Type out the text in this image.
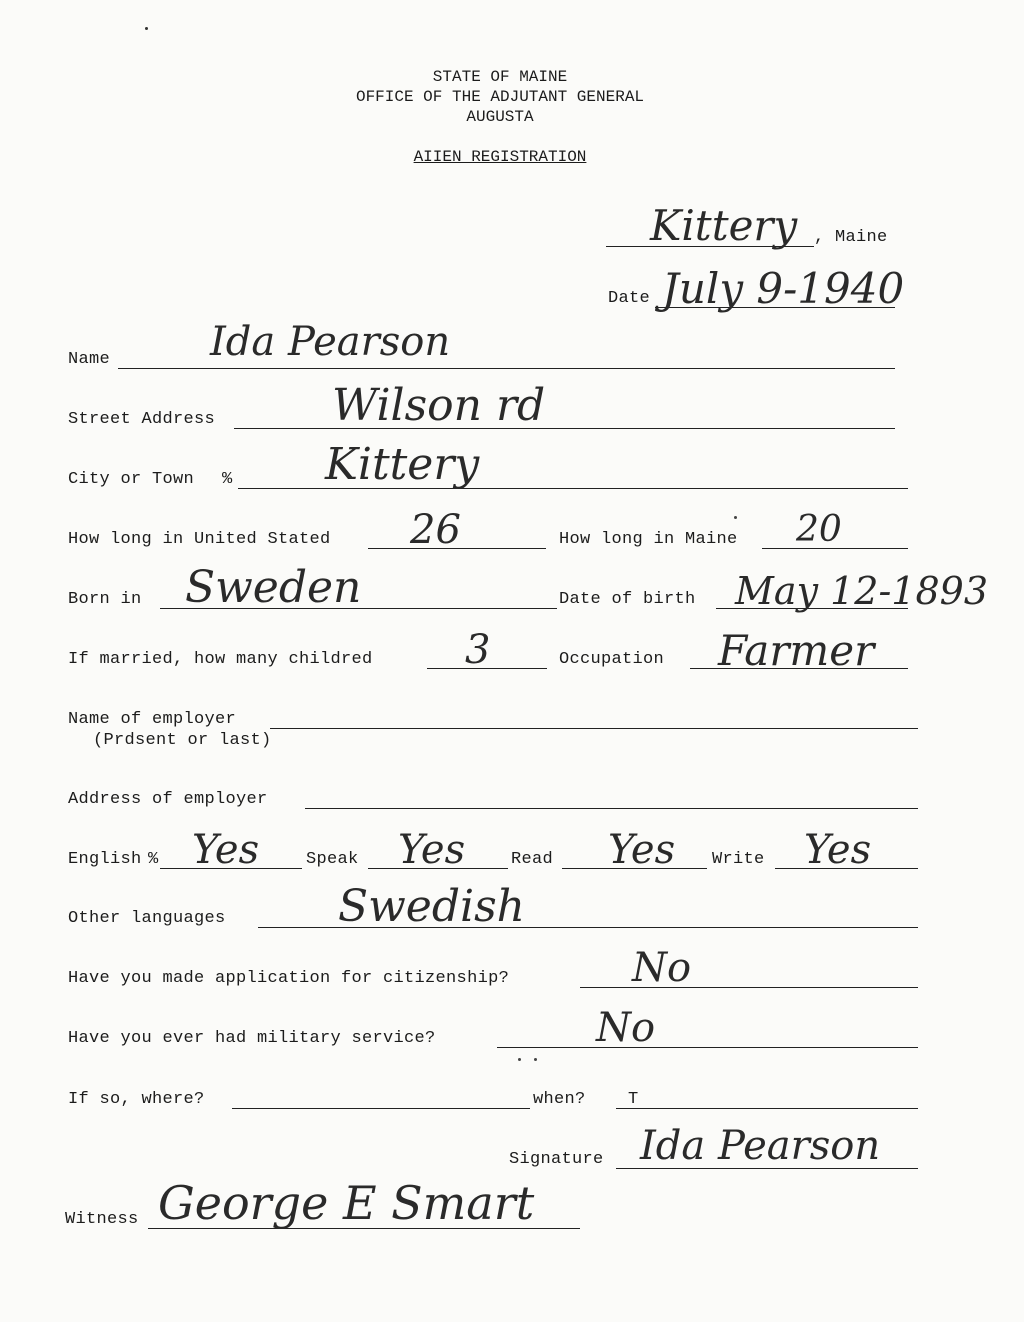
STATE OF MAINE
OFFICE OF THE ADJUTANT GENERAL
AUGUSTA
AIIEN REGISTRATION
Kittery , Maine
Date July 9-1940
Name Ida Pearson
Street Address	Wilson rd
City or Town % Kittery
How long in United Stated 26	How long in Maine 20
Born in Sweden	Date of birth May 12-1893
If married, how many childred 3	Occupation Farmer
Name of employer
(Prdsent or last)
Address of employer
English % Yes	Speak Yes	Read Yes Write Yes
Other languages	Swedish
Have you made application for citizenship?	No
Have you ever had military service?	No
If so, where?	when? T
Signature Ida Pearson
Witness George E Smart
